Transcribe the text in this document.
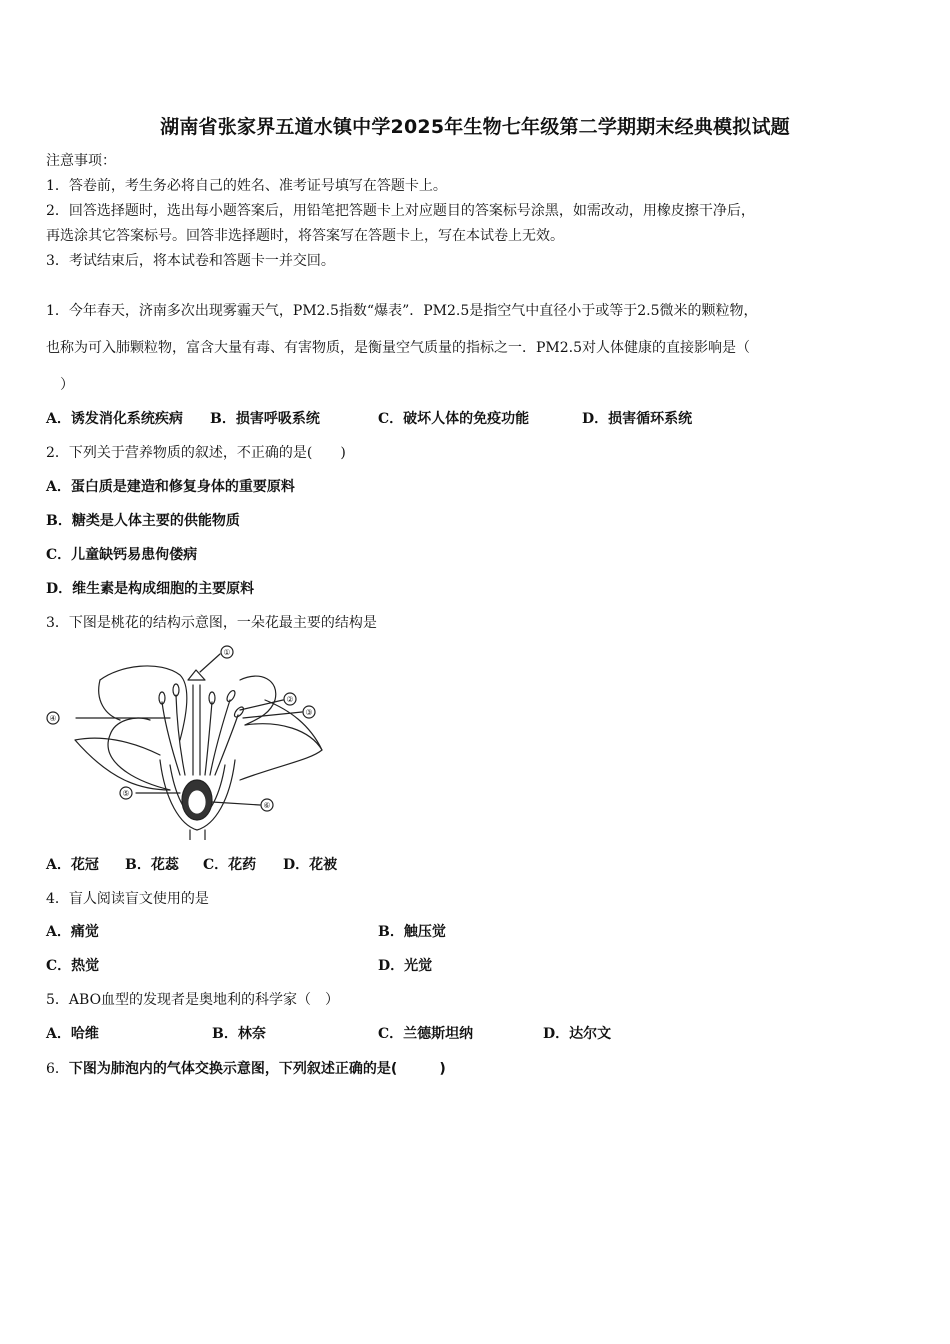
湖南省张家界五道水镇中学2025年生物七年级第二学期期末经典模拟试题
注意事项：
1．答卷前，考生务必将自己的姓名、准考证号填写在答题卡上。
2．回答选择题时，选出每小题答案后，用铅笔把答题卡上对应题目的答案标号涂黑，如需改动，用橡皮擦干净后，
再选涂其它答案标号。回答非选择题时，将答案写在答题卡上，写在本试卷上无效。
3．考试结束后，将本试卷和答题卡一并交回。
1．今年春天，济南多次出现雾霾天气，PM2.5指数“爆表”．PM2.5是指空气中直径小于或等于2.5微米的颗粒物，
也称为可入肺颗粒物，富含大量有毒、有害物质，是衡量空气质量的指标之一．PM2.5对人体健康的直接影响是（
　）
A．诱发消化系统疾病 B．损害呼吸系统	C．破坏人体的免疫功能	D．损害循环系统
2．下列关于营养物质的叙述，不正确的是(　　)
A．蛋白质是建造和修复身体的重要原料
B．糖类是人体主要的供能物质
C．儿童缺钙易患佝偻病
D．维生素是构成细胞的主要原料
3．下图是桃花的结构示意图，一朵花最主要的结构是
①
②
③
④
⑤
⑥
A．花冠 B．花蕊 C．花药 D．花被
4．盲人阅读盲文使用的是
A．痛觉	B．触压觉
C．热觉	D．光觉
5．ABO血型的发现者是奥地利的科学家（　）
A．哈维	B．林奈	C．兰德斯坦纳	D．达尔文
6．下图为肺泡内的气体交换示意图，下列叙述正确的是(　　　)
